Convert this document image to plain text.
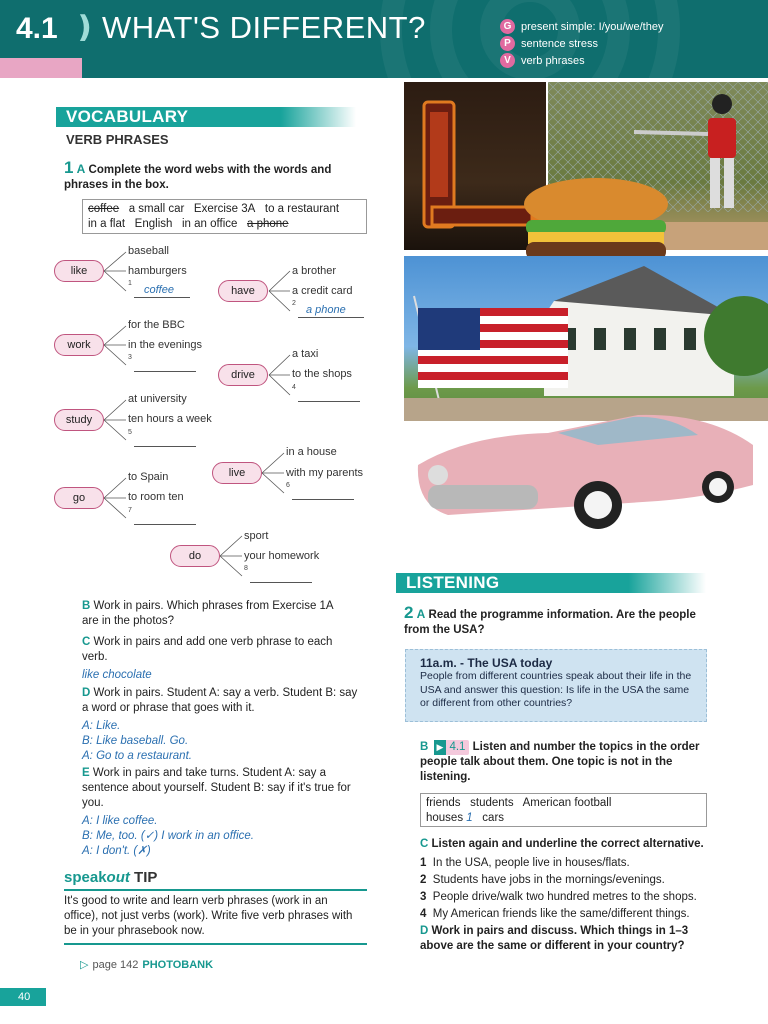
4.1 ❫ WHAT'S DIFFERENT?	G present simple: I/you/we/they
P sentence stress
V verb phrases
VOCABULARY
VERB PHRASES
1 A Complete the word webs with the words and phrases in the box.
coffee a small car Exercise 3A to a restaurant
in a flat English in an office a phone
like
baseball
hamburgers
1
coffee	have
a brother
a credit card
2
a phone
work
for the BBC
in the evenings
3
drive
a taxi
to the shops
4
study
at university
ten hours a week
5
live
in a house
with my parents
6
go
to Spain
to room ten
7
do
sport
your homework
8
B Work in pairs. Which phrases from Exercise 1A are in the photos?
C Work in pairs and add one verb phrase to each verb.
like chocolate
D Work in pairs. Student A: say a verb. Student B: say a word or phrase that goes with it.
A: Like.
B: Like baseball. Go.
A: Go to a restaurant.
E Work in pairs and take turns. Student A: say a sentence about yourself. Student B: say if it's true for you.
A: I like coffee.
B: Me, too. (✓) I work in an office.
A: I don't. (✗)
speakout TIP
It's good to write and learn verb phrases (work in an office), not just verbs (work). Write five verb phrases with be in your phrasebook now.
▷ page 142 PHOTOBANK
LISTENING
2 A Read the programme information. Are the people from the USA?
11a.m. - The USA today
People from different countries speak about their life in the USA and answer this question: Is life in the USA the same or different from other countries?
B ▶ 4.1 Listen and number the topics in the order people talk about them. One topic is not in the listening.
friends students American football
houses 1 cars
C Listen again and underline the correct alternative.
1 In the USA, people live in houses/flats.
2 Students have jobs in the mornings/evenings.
3 People drive/walk two hundred metres to the shops.
4 My American friends like the same/different things.
D Work in pairs and discuss. Which things in 1–3 above are the same or different in your country?
40
